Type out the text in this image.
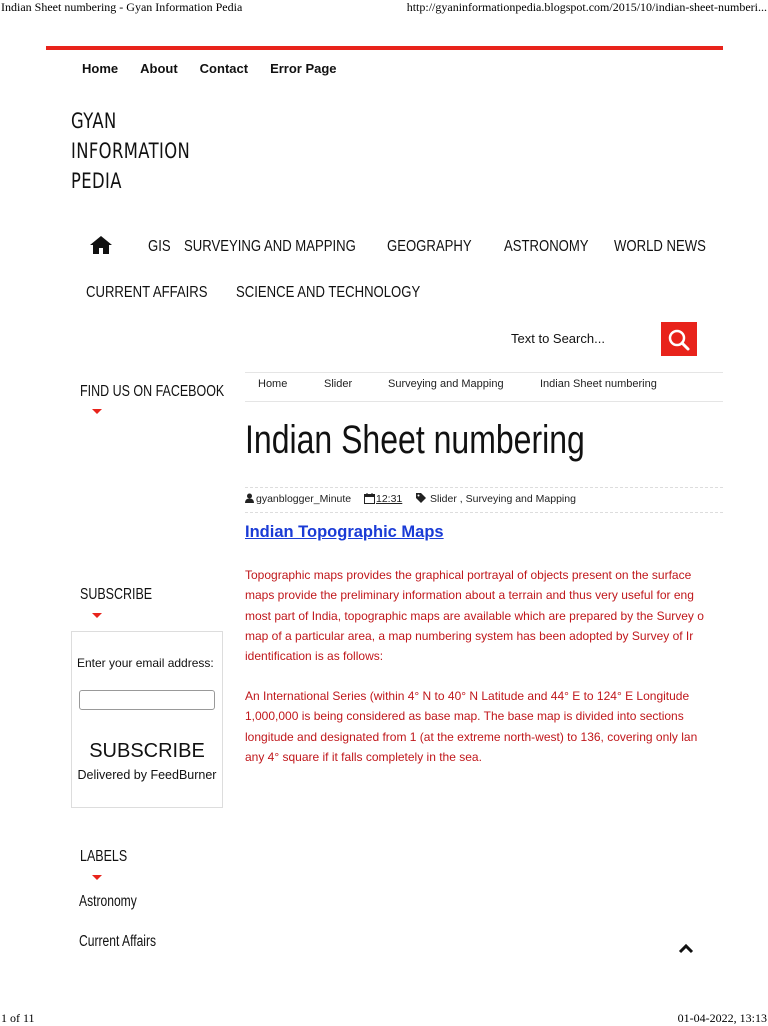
Indian Sheet numbering - Gyan Information Pedia	http://gyaninformationpedia.blogspot.com/2015/10/indian-sheet-numberi...
Home About Contact Error Page
GYAN
INFORMATION
PEDIA
GIS SURVEYING AND MAPPING GEOGRAPHY ASTRONOMY WORLD NEWS
CURRENT AFFAIRS SCIENCE AND TECHNOLOGY
Text to Search...
Home	Slider	Surveying and Mapping	Indian Sheet numbering
FIND US ON FACEBOOK
SUBSCRIBE
Enter your email address:
SUBSCRIBE
Delivered by FeedBurner
LABELS
Astronomy
Current Affairs
Indian Sheet numbering
gyanblogger_Minute 12:31	Slider , Surveying and Mapping
Indian Topographic Maps
Topographic maps provides the graphical portrayal of objects present on the surface
maps provide the preliminary information about a terrain and thus very useful for eng
most part of India, topographic maps are available which are prepared by the Survey o
map of a particular area, a map numbering system has been adopted by Survey of Ir
identification is as follows:
An International Series (within 4° N to 40° N Latitude and 44° E to 124° E Longitude
1,000,000 is being considered as base map. The base map is divided into sections
longitude and designated from 1 (at the extreme north-west) to 136, covering only lan
any 4° square if it falls completely in the sea.
1 of 11	01-04-2022, 13:13
